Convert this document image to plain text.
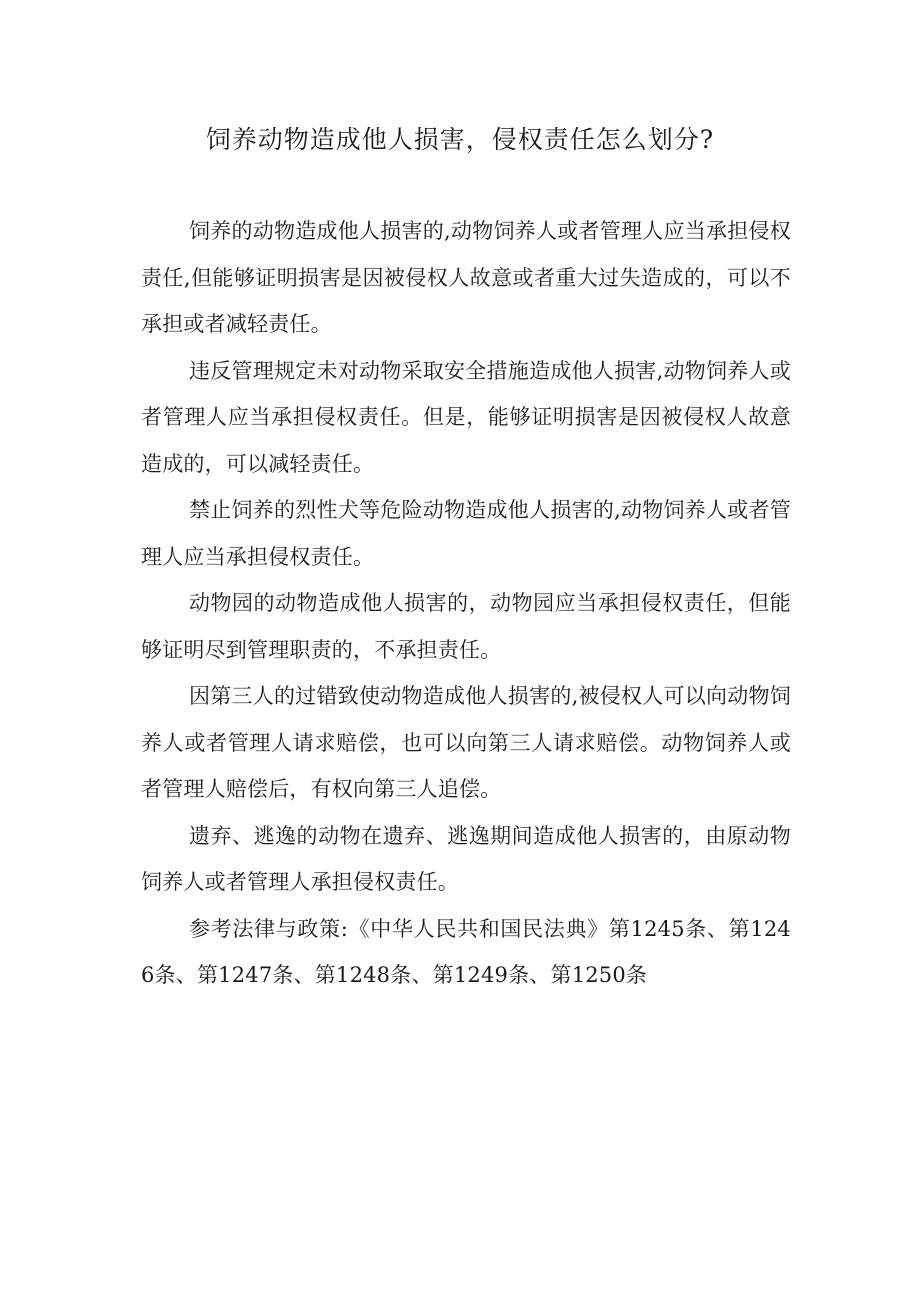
饲养动物造成他人损害，侵权责任怎么划分?

饲养的动物造成他人损害的,动物饲养人或者管理人应当承担侵权责任,但能够证明损害是因被侵权人故意或者重大过失造成的，可以不承担或者减轻责任。

违反管理规定未对动物采取安全措施造成他人损害,动物饲养人或者管理人应当承担侵权责任。但是，能够证明损害是因被侵权人故意造成的，可以减轻责任。

禁止饲养的烈性犬等危险动物造成他人损害的,动物饲养人或者管理人应当承担侵权责任。

动物园的动物造成他人损害的，动物园应当承担侵权责任，但能够证明尽到管理职责的，不承担责任。

因第三人的过错致使动物造成他人损害的,被侵权人可以向动物饲养人或者管理人请求赔偿，也可以向第三人请求赔偿。动物饲养人或者管理人赔偿后，有权向第三人追偿。

遗弃、逃逸的动物在遗弃、逃逸期间造成他人损害的，由原动物饲养人或者管理人承担侵权责任。

参考法律与政策:《中华人民共和国民法典》第1245条、第1246条、第1247条、第1248条、第1249条、第1250条
